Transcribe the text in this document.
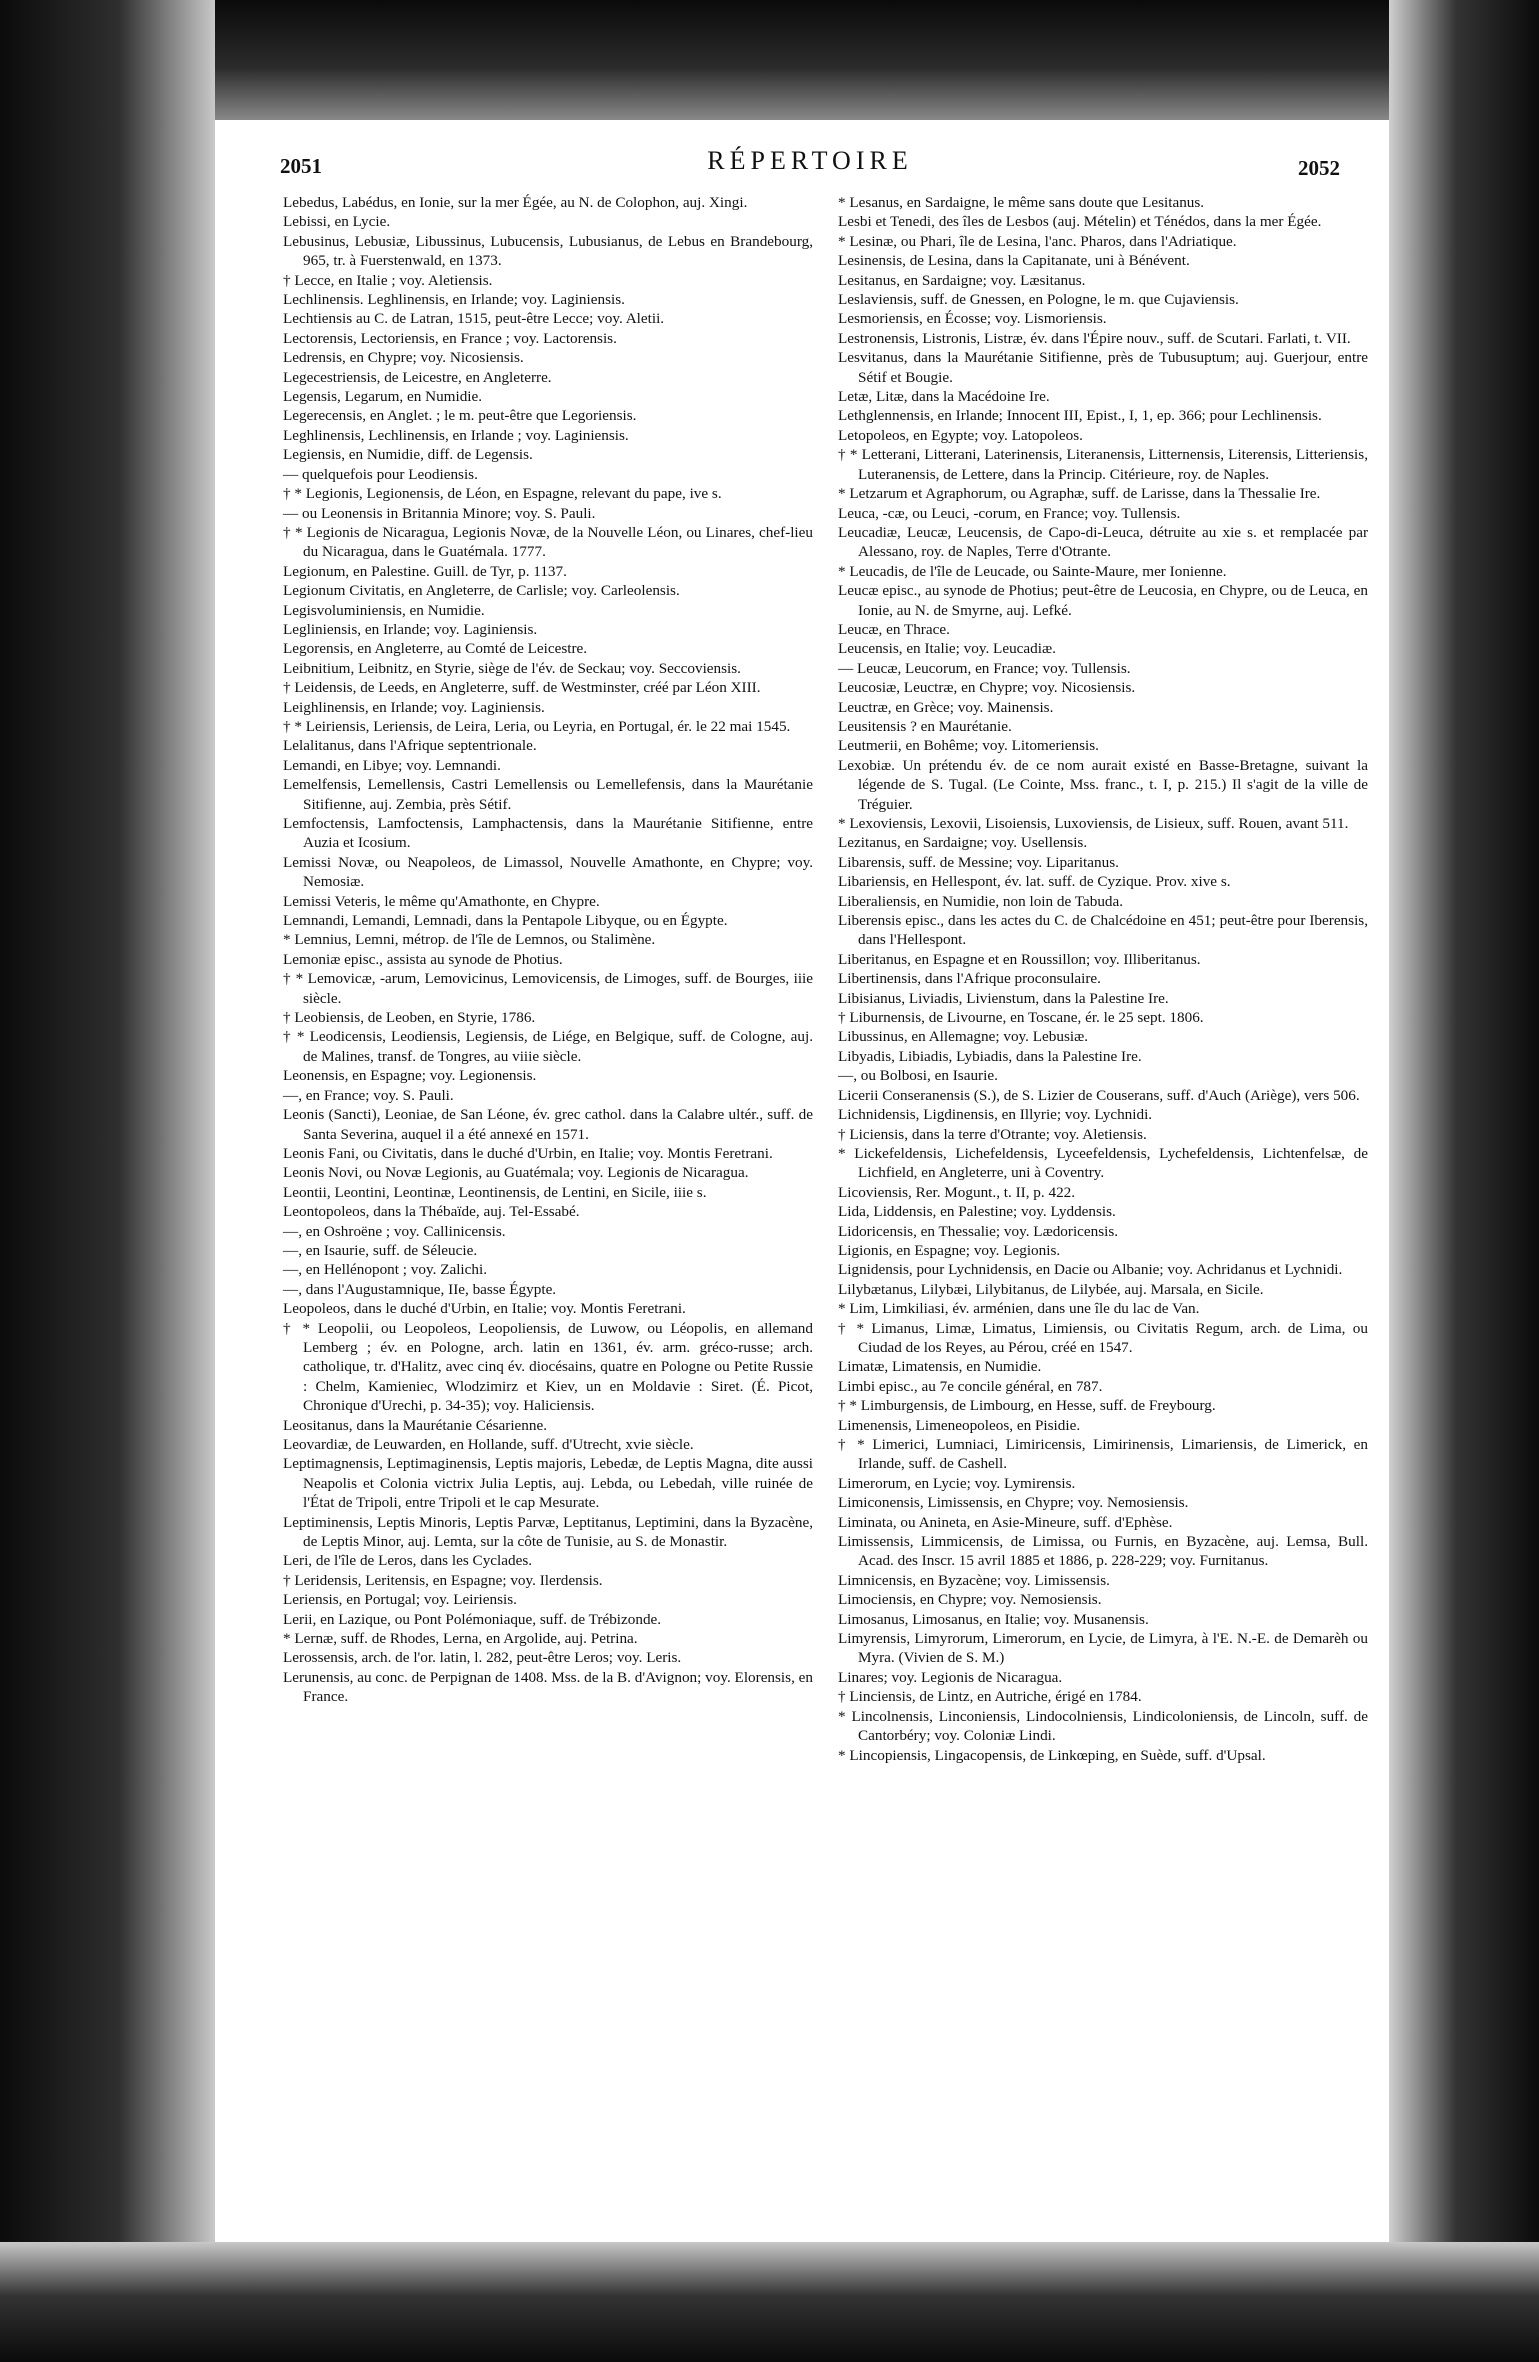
2051	RÉPERTOIRE	2052

Lebedus, Labédus, en Ionie, sur la mer Égée, au N. de Colophon, auj. Xingi.

Lebissi, en Lycie.

Lebusinus, Lebusiæ, Libussinus, Lubucensis, Lubusianus, de Lebus en Brandebourg, 965, tr. à Fuerstenwald, en 1373.

† Lecce, en Italie ; voy. Aletiensis.

Lechlinensis. Leghlinensis, en Irlande; voy. Laginiensis.

Lechtiensis au C. de Latran, 1515, peut-être Lecce; voy. Aletii.

Lectorensis, Lectoriensis, en France ; voy. Lactorensis.

Ledrensis, en Chypre; voy. Nicosiensis.

Legecestriensis, de Leicestre, en Angleterre.

Legensis, Legarum, en Numidie.

Legerecensis, en Anglet. ; le m. peut-être que Legoriensis.

Leghlinensis, Lechlinensis, en Irlande ; voy. Laginiensis.

Legiensis, en Numidie, diff. de Legensis.

— quelquefois pour Leodiensis.

† * Legionis, Legionensis, de Léon, en Espagne, relevant du pape, ive s.

— ou Leonensis in Britannia Minore; voy. S. Pauli.

† * Legionis de Nicaragua, Legionis Novæ, de la Nouvelle Léon, ou Linares, chef-lieu du Nicaragua, dans le Guatémala. 1777.

Legionum, en Palestine. Guill. de Tyr, p. 1137.

Legionum Civitatis, en Angleterre, de Carlisle; voy. Carleolensis.

Legisvoluminiensis, en Numidie.

Legliniensis, en Irlande; voy. Laginiensis.

Legorensis, en Angleterre, au Comté de Leicestre.

Leibnitium, Leibnitz, en Styrie, siège de l'év. de Seckau; voy. Seccoviensis.

† Leidensis, de Leeds, en Angleterre, suff. de Westminster, créé par Léon XIII.

Leighlinensis, en Irlande; voy. Laginiensis.

† * Leiriensis, Leriensis, de Leira, Leria, ou Leyria, en Portugal, ér. le 22 mai 1545.

Lelalitanus, dans l'Afrique septentrionale.

Lemandi, en Libye; voy. Lemnandi.

Lemelfensis, Lemellensis, Castri Lemellensis ou Lemellefensis, dans la Maurétanie Sitifienne, auj. Zembia, près Sétif.

Lemfoctensis, Lamfoctensis, Lamphactensis, dans la Maurétanie Sitifienne, entre Auzia et Icosium.

Lemissi Novæ, ou Neapoleos, de Limassol, Nouvelle Amathonte, en Chypre; voy. Nemosiæ.

Lemissi Veteris, le même qu'Amathonte, en Chypre.

Lemnandi, Lemandi, Lemnadi, dans la Pentapole Libyque, ou en Égypte.

* Lemnius, Lemni, métrop. de l'île de Lemnos, ou Stalimène.

Lemoniæ episc., assista au synode de Photius.

† * Lemovicæ, -arum, Lemovicinus, Lemovicensis, de Limoges, suff. de Bourges, iiie siècle.

† Leobiensis, de Leoben, en Styrie, 1786.

† * Leodicensis, Leodiensis, Legiensis, de Liége, en Belgique, suff. de Cologne, auj. de Malines, transf. de Tongres, au viiie siècle.

Leonensis, en Espagne; voy. Legionensis.

—, en France; voy. S. Pauli.

Leonis (Sancti), Leoniae, de San Léone, év. grec cathol. dans la Calabre ultér., suff. de Santa Severina, auquel il a été annexé en 1571.

Leonis Fani, ou Civitatis, dans le duché d'Urbin, en Italie; voy. Montis Feretrani.

Leonis Novi, ou Novæ Legionis, au Guatémala; voy. Legionis de Nicaragua.

Leontii, Leontini, Leontinæ, Leontinensis, de Lentini, en Sicile, iiie s.

Leontopoleos, dans la Thébaïde, auj. Tel-Essabé.

—, en Oshroëne ; voy. Callinicensis.

—, en Isaurie, suff. de Séleucie.

—, en Hellénopont ; voy. Zalichi.

—, dans l'Augustamnique, IIe, basse Égypte.

Leopoleos, dans le duché d'Urbin, en Italie; voy. Montis Feretrani.

† * Leopolii, ou Leopoleos, Leopoliensis, de Luwow, ou Léopolis, en allemand Lemberg ; év. en Pologne, arch. latin en 1361, év. arm. gréco-russe; arch. catholique, tr. d'Halitz, avec cinq év. diocésains, quatre en Pologne ou Petite Russie : Chelm, Kamieniec, Wlodzimirz et Kiev, un en Moldavie : Siret. (É. Picot, Chronique d'Urechi, p. 34-35); voy. Haliciensis.

Leositanus, dans la Maurétanie Césarienne.

Leovardiæ, de Leuwarden, en Hollande, suff. d'Utrecht, xvie siècle.

Leptimagnensis, Leptimaginensis, Leptis majoris, Lebedæ, de Leptis Magna, dite aussi Neapolis et Colonia victrix Julia Leptis, auj. Lebda, ou Lebedah, ville ruinée de l'État de Tripoli, entre Tripoli et le cap Mesurate.

Leptiminensis, Leptis Minoris, Leptis Parvæ, Leptitanus, Leptimini, dans la Byzacène, de Leptis Minor, auj. Lemta, sur la côte de Tunisie, au S. de Monastir.

Leri, de l'île de Leros, dans les Cyclades.

† Leridensis, Leritensis, en Espagne; voy. Ilerdensis.

Leriensis, en Portugal; voy. Leiriensis.

Lerii, en Lazique, ou Pont Polémoniaque, suff. de Trébizonde.

* Lernæ, suff. de Rhodes, Lerna, en Argolide, auj. Petrina.

Lerossensis, arch. de l'or. latin, l. 282, peut-être Leros; voy. Leris.

Lerunensis, au conc. de Perpignan de 1408. Mss. de la B. d'Avignon; voy. Elorensis, en France.

* Lesanus, en Sardaigne, le même sans doute que Lesitanus.

Lesbi et Tenedi, des îles de Lesbos (auj. Mételin) et Ténédos, dans la mer Égée.

* Lesinæ, ou Phari, île de Lesina, l'anc. Pharos, dans l'Adriatique.

Lesinensis, de Lesina, dans la Capitanate, uni à Bénévent.

Lesitanus, en Sardaigne; voy. Læsitanus.

Leslaviensis, suff. de Gnessen, en Pologne, le m. que Cujaviensis.

Lesmoriensis, en Écosse; voy. Lismoriensis.

Lestronensis, Listronis, Listræ, év. dans l'Épire nouv., suff. de Scutari. Farlati, t. VII.

Lesvitanus, dans la Maurétanie Sitifienne, près de Tubusuptum; auj. Guerjour, entre Sétif et Bougie.

Letæ, Litæ, dans la Macédoine Ire.

Lethglennensis, en Irlande; Innocent III, Epist., I, 1, ep. 366; pour Lechlinensis.

Letopoleos, en Egypte; voy. Latopoleos.

† * Letterani, Litterani, Laterinensis, Literanensis, Litternensis, Literensis, Litteriensis, Luteranensis, de Lettere, dans la Princip. Citérieure, roy. de Naples.

* Letzarum et Agraphorum, ou Agraphæ, suff. de Larisse, dans la Thessalie Ire.

Leuca, -cæ, ou Leuci, -corum, en France; voy. Tullensis.

Leucadiæ, Leucæ, Leucensis, de Capo-di-Leuca, détruite au xie s. et remplacée par Alessano, roy. de Naples, Terre d'Otrante.

* Leucadis, de l'île de Leucade, ou Sainte-Maure, mer Ionienne.

Leucæ episc., au synode de Photius; peut-être de Leucosia, en Chypre, ou de Leuca, en Ionie, au N. de Smyrne, auj. Lefké.

Leucæ, en Thrace.

Leucensis, en Italie; voy. Leucadiæ.

— Leucæ, Leucorum, en France; voy. Tullensis.

Leucosiæ, Leuctræ, en Chypre; voy. Nicosiensis.

Leuctræ, en Grèce; voy. Mainensis.

Leusitensis ? en Maurétanie.

Leutmerii, en Bohême; voy. Litomeriensis.

Lexobiæ. Un prétendu év. de ce nom aurait existé en Basse-Bretagne, suivant la légende de S. Tugal. (Le Cointe, Mss. franc., t. I, p. 215.) Il s'agit de la ville de Tréguier.

* Lexoviensis, Lexovii, Lisoiensis, Luxoviensis, de Lisieux, suff. Rouen, avant 511.

Lezitanus, en Sardaigne; voy. Usellensis.

Libarensis, suff. de Messine; voy. Liparitanus.

Libariensis, en Hellespont, év. lat. suff. de Cyzique. Prov. xive s.

Liberaliensis, en Numidie, non loin de Tabuda.

Liberensis episc., dans les actes du C. de Chalcédoine en 451; peut-être pour Iberensis, dans l'Hellespont.

Liberitanus, en Espagne et en Roussillon; voy. Illiberitanus.

Libertinensis, dans l'Afrique proconsulaire.

Libisianus, Liviadis, Livienstum, dans la Palestine Ire.

† Liburnensis, de Livourne, en Toscane, ér. le 25 sept. 1806.

Libussinus, en Allemagne; voy. Lebusiæ.

Libyadis, Libiadis, Lybiadis, dans la Palestine Ire.

—, ou Bolbosi, en Isaurie.

Licerii Conseranensis (S.), de S. Lizier de Couserans, suff. d'Auch (Ariège), vers 506.

Lichnidensis, Ligdinensis, en Illyrie; voy. Lychnidi.

† Liciensis, dans la terre d'Otrante; voy. Aletiensis.

* Lickefeldensis, Lichefeldensis, Lyceefeldensis, Lychefeldensis, Lichtenfelsæ, de Lichfield, en Angleterre, uni à Coventry.

Licoviensis, Rer. Mogunt., t. II, p. 422.

Lida, Liddensis, en Palestine; voy. Lyddensis.

Lidoricensis, en Thessalie; voy. Lædoricensis.

Ligionis, en Espagne; voy. Legionis.

Lignidensis, pour Lychnidensis, en Dacie ou Albanie; voy. Achridanus et Lychnidi.

Lilybætanus, Lilybæi, Lilybitanus, de Lilybée, auj. Marsala, en Sicile.

* Lim, Limkiliasi, év. arménien, dans une île du lac de Van.

† * Limanus, Limæ, Limatus, Limiensis, ou Civitatis Regum, arch. de Lima, ou Ciudad de los Reyes, au Pérou, créé en 1547.

Limatæ, Limatensis, en Numidie.

Limbi episc., au 7e concile général, en 787.

† * Limburgensis, de Limbourg, en Hesse, suff. de Freybourg.

Limenensis, Limeneopoleos, en Pisidie.

† * Limerici, Lumniaci, Limiricensis, Limirinensis, Limariensis, de Limerick, en Irlande, suff. de Cashell.

Limerorum, en Lycie; voy. Lymirensis.

Limiconensis, Limissensis, en Chypre; voy. Nemosiensis.

Liminata, ou Anineta, en Asie-Mineure, suff. d'Ephèse.

Limissensis, Limmicensis, de Limissa, ou Furnis, en Byzacène, auj. Lemsa, Bull. Acad. des Inscr. 15 avril 1885 et 1886, p. 228-229; voy. Furnitanus.

Limnicensis, en Byzacène; voy. Limissensis.

Limociensis, en Chypre; voy. Nemosiensis.

Limosanus, Limosanus, en Italie; voy. Musanensis.

Limyrensis, Limyrorum, Limerorum, en Lycie, de Limyra, à l'E. N.-E. de Demarèh ou Myra. (Vivien de S. M.)

Linares; voy. Legionis de Nicaragua.

† Linciensis, de Lintz, en Autriche, érigé en 1784.

* Lincolnensis, Linconiensis, Lindocolniensis, Lindicoloniensis, de Lincoln, suff. de Cantorbéry; voy. Coloniæ Lindi.

* Lincopiensis, Lingacopensis, de Linkœping, en Suède, suff. d'Upsal.
